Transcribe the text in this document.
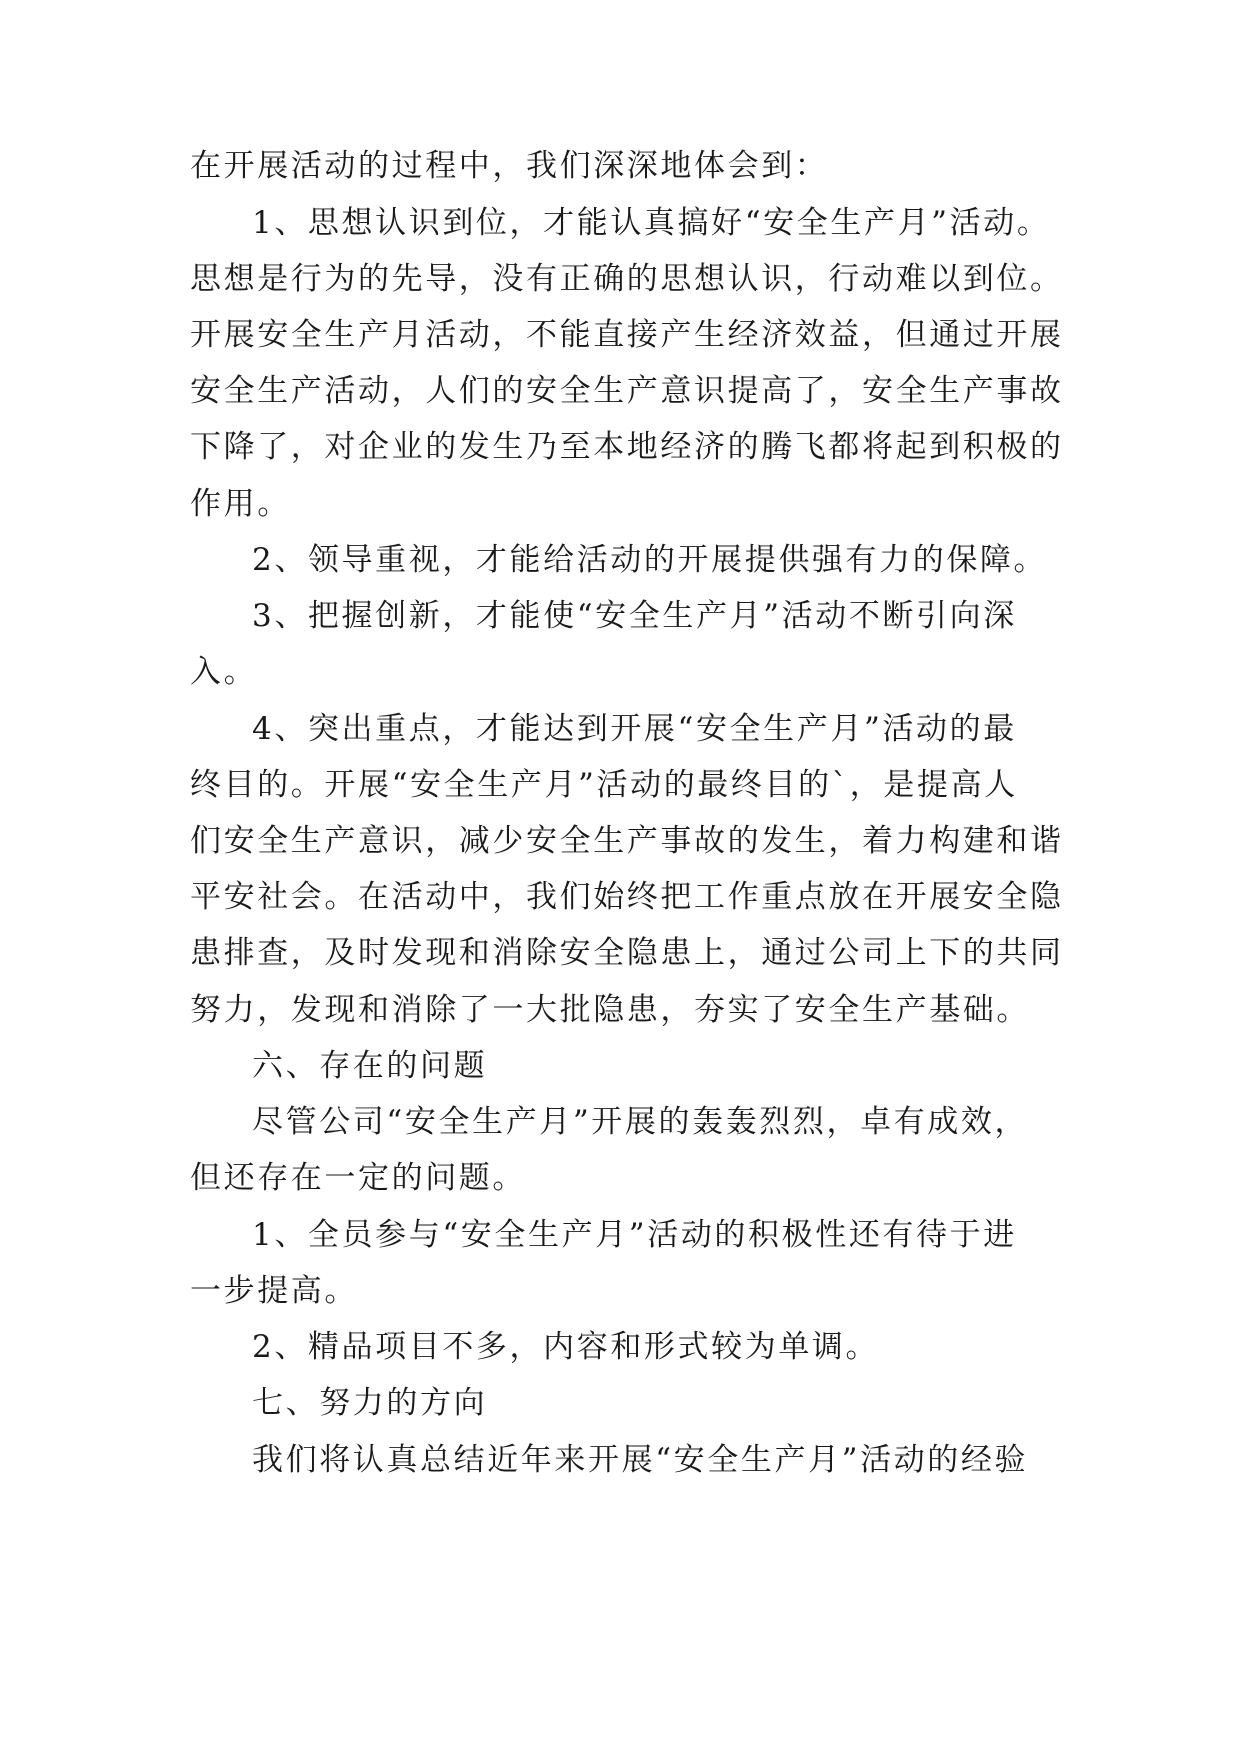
在开展活动的过程中，我们深深地体会到：
1、思想认识到位，才能认真搞好“安全生产月”活动。
思想是行为的先导，没有正确的思想认识，行动难以到位。
开展安全生产月活动，不能直接产生经济效益，但通过开展
安全生产活动，人们的安全生产意识提高了，安全生产事故
下降了，对企业的发生乃至本地经济的腾飞都将起到积极的
作用。
2、领导重视，才能给活动的开展提供强有力的保障。
3、把握创新，才能使“安全生产月”活动不断引向深
入。
4、突出重点，才能达到开展“安全生产月”活动的最
终目的。开展“安全生产月”活动的最终目的`，是提高人
们安全生产意识，减少安全生产事故的发生，着力构建和谐
平安社会。在活动中，我们始终把工作重点放在开展安全隐
患排查，及时发现和消除安全隐患上，通过公司上下的共同
努力，发现和消除了一大批隐患，夯实了安全生产基础。
六、存在的问题
尽管公司“安全生产月”开展的轰轰烈烈，卓有成效，
但还存在一定的问题。
1、全员参与“安全生产月”活动的积极性还有待于进
一步提高。
2、精品项目不多，内容和形式较为单调。
七、努力的方向
我们将认真总结近年来开展“安全生产月”活动的经验
